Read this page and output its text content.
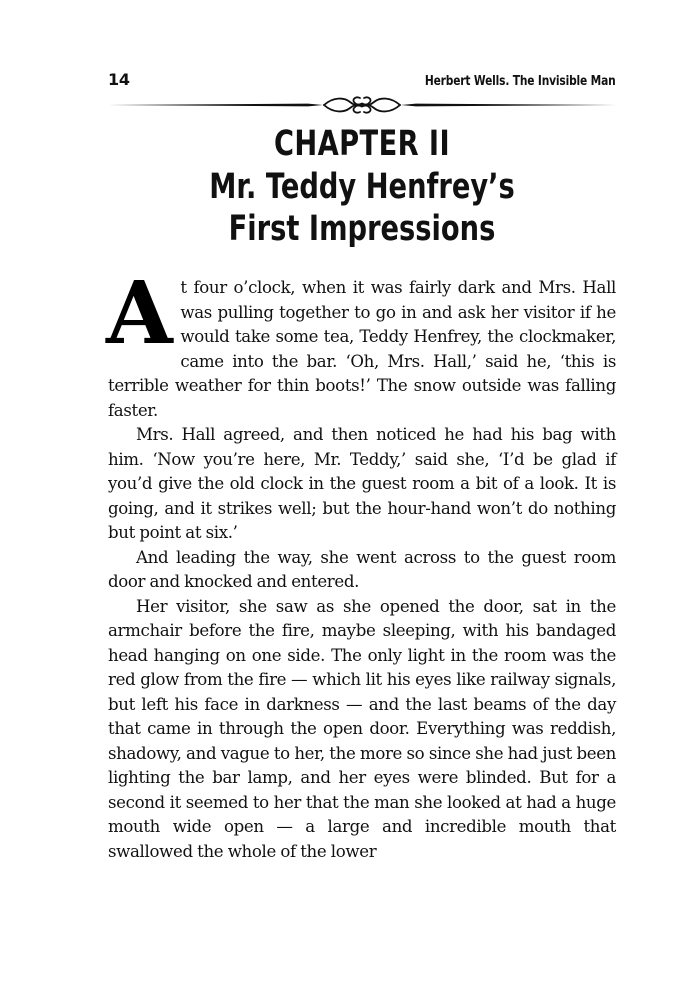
14	Herbert Wells. The Invisible Man
CHAPTER II
Mr. Teddy Henfrey’s
First Impressions

At four o’clock, when it was fairly dark and Mrs. Hall was pulling together to go in and ask her visitor if he would take some tea, Teddy Henfrey, the clockmaker, came into the bar. ‘Oh, Mrs. Hall,’ said he, ‘this is terrible weather for thin boots!’ The snow outside was falling faster.

Mrs. Hall agreed, and then noticed he had his bag with him. ‘Now you’re here, Mr. Teddy,’ said she, ‘I’d be glad if you’d give the old clock in the guest room a bit of a look. It is going, and it strikes well; but the hour-hand won’t do nothing but point at six.’

And leading the way, she went across to the guest room door and knocked and entered.

Her visitor, she saw as she opened the door, sat in the armchair before the fire, maybe sleeping, with his bandaged head hanging on one side. The only light in the room was the red glow from the fire — which lit his eyes like railway signals, but left his face in darkness — and the last beams of the day that came in through the open door. Everything was reddish, shadowy, and vague to her, the more so since she had just been lighting the bar lamp, and her eyes were blinded. But for a second it seemed to her that the man she looked at had a huge mouth wide open — a large and incredible mouth that swallowed the whole of the lower
